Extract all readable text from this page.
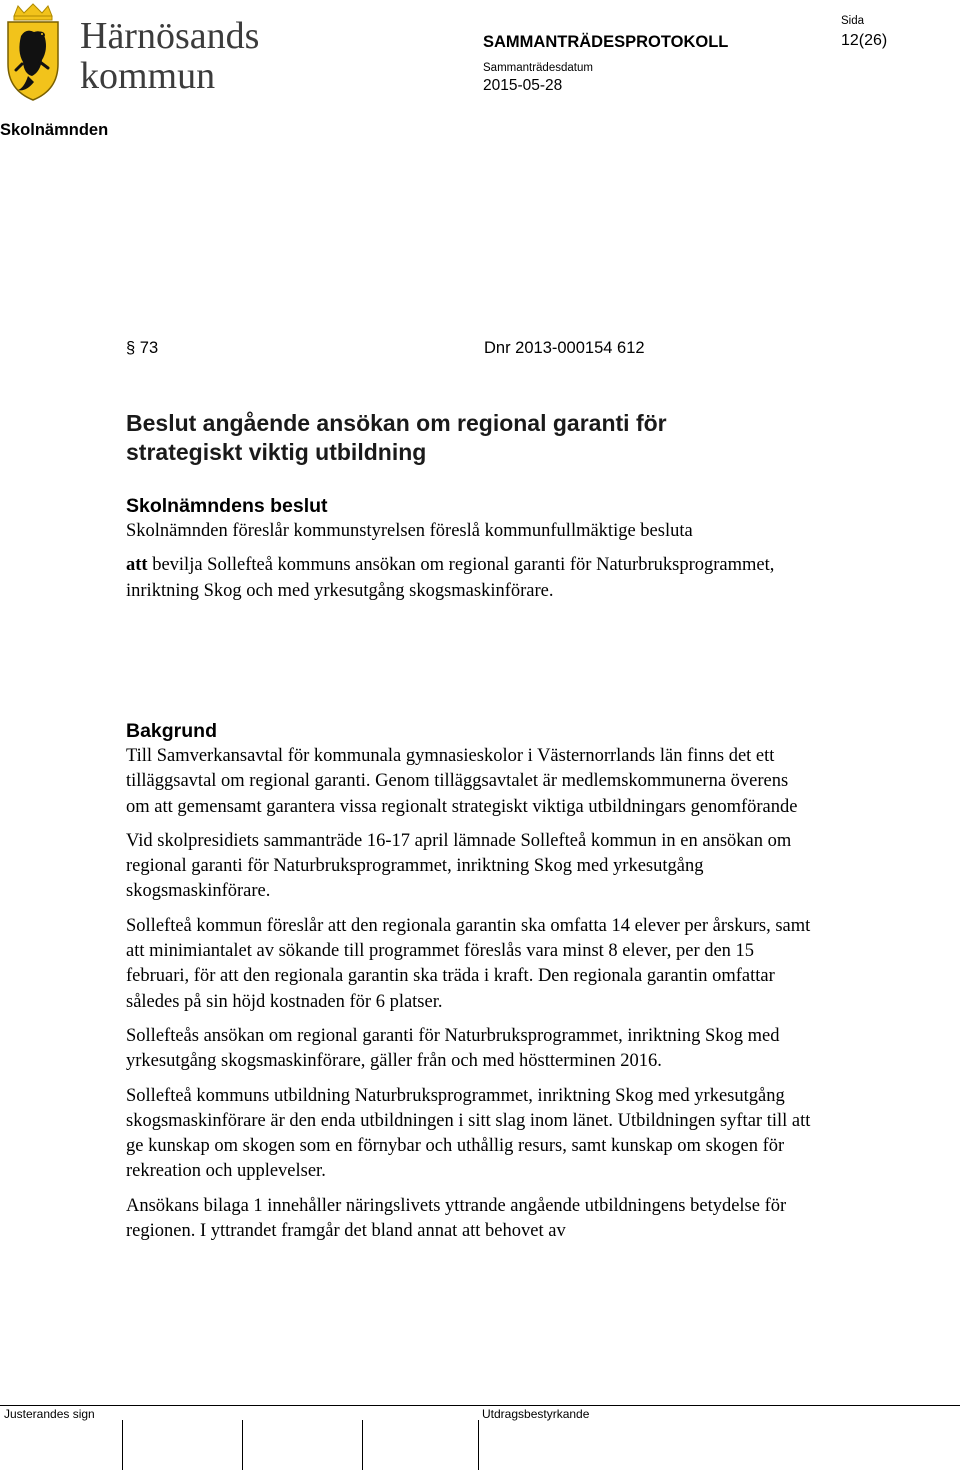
Härnösands
kommun
SAMMANTRÄDESPROTOKOLL
Sammanträdesdatum
2015-05-28
Sida
12(26)
Skolnämnden
§ 73	Dnr 2013-000154 612
Beslut angående ansökan om regional garanti för
strategiskt viktig utbildning

Skolnämndens beslut

Skolnämnden föreslår kommunstyrelsen föreslå kommunfullmäktige besluta

att bevilja Sollefteå kommuns ansökan om regional garanti för Naturbruksprogrammet, inriktning Skog och med yrkesutgång skogsmaskinförare.

Bakgrund

Till Samverkansavtal för kommunala gymnasieskolor i Västernorrlands län finns det ett tilläggsavtal om regional garanti. Genom tilläggsavtalet är medlemskommunerna överens om att gemensamt garantera vissa regionalt strategiskt viktiga utbildningars genomförande

Vid skolpresidiets sammanträde 16-17 april lämnade Sollefteå kommun in en ansökan om regional garanti för Naturbruksprogrammet, inriktning Skog med yrkesutgång skogsmaskinförare.

Sollefteå kommun föreslår att den regionala garantin ska omfatta 14 elever per årskurs, samt att minimiantalet av sökande till programmet föreslås vara minst 8 elever, per den 15 februari, för att den regionala garantin ska träda i kraft. Den regionala garantin omfattar således på sin höjd kostnaden för 6 platser.

Sollefteås ansökan om regional garanti för Naturbruksprogrammet, inriktning Skog med yrkesutgång skogsmaskinförare, gäller från och med höstterminen 2016.

Sollefteå kommuns utbildning Naturbruksprogrammet, inriktning Skog med yrkesutgång skogsmaskinförare är den enda utbildningen i sitt slag inom länet. Utbildningen syftar till att ge kunskap om skogen som en förnybar och uthållig resurs, samt kunskap om skogen för rekreation och upplevelser.

Ansökans bilaga 1 innehåller näringslivets yttrande angående utbildningens betydelse för regionen. I yttrandet framgår det bland annat att behovet av

Justerandes sign	Utdragsbestyrkande
